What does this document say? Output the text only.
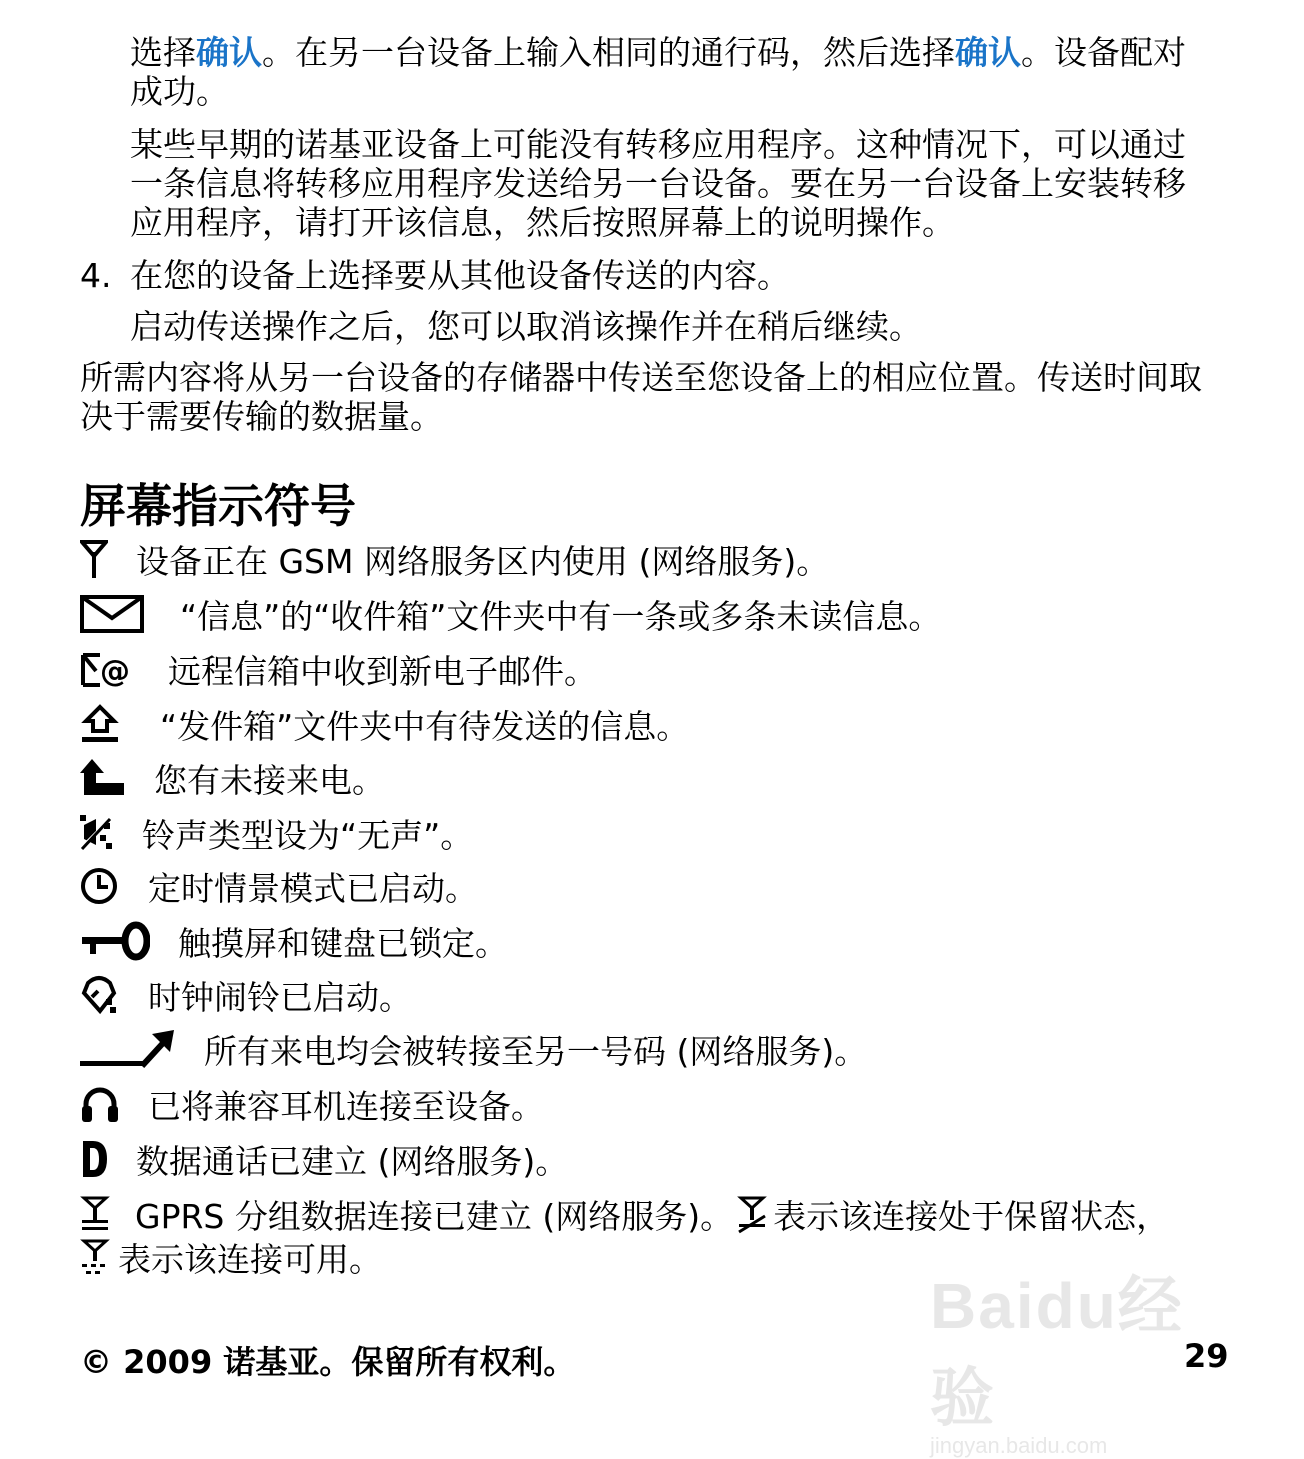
选择确认。在另一台设备上输入相同的通行码，然后选择确认。设备配对成功。

某些早期的诺基亚设备上可能没有转移应用程序。这种情况下，可以通过一条信息将转移应用程序发送给另一台设备。要在另一台设备上安装转移应用程序，请打开该信息，然后按照屏幕上的说明操作。

4. 在您的设备上选择要从其他设备传送的内容。

启动传送操作之后，您可以取消该操作并在稍后继续。

所需内容将从另一台设备的存储器中传送至您设备上的相应位置。传送时间取决于需要传输的数据量。

屏幕指示符号
设备正在 GSM 网络服务区内使用 (网络服务)。
“信息”的“收件箱”文件夹中有一条或多条未读信息。
@ 远程信箱中收到新电子邮件。
“发件箱”文件夹中有待发送的信息。
您有未接来电。
铃声类型设为“无声”。
定时情景模式已启动。
触摸屏和键盘已锁定。
时钟闹铃已启动。
所有来电均会被转接至另一号码 (网络服务)。
已将兼容耳机连接至设备。
数据通话已建立 (网络服务)。
GPRS 分组数据连接已建立 (网络服务)。 表示该连接处于保留状态，
表示该连接可用。
Baidu经验
jingyan.baidu.com
© 2009 诺基亚。保留所有权利。	29
